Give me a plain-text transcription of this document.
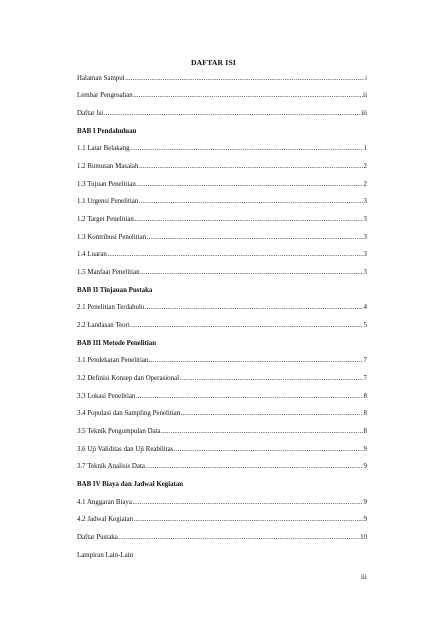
DAFTAR ISI
Halaman Sampul .....	i
Lembar Pengesahan .....	ii
Daftar Isi .....	iii
BAB I Pendahuluan
1.1 Latar Belakang .....	1
1.2 Rumusan Masalah .....	2
1.3 Tujuan Penelitian .....	2
1.1 Urgensi Penelitian .....	3
1.2 Target Penelitian .....	3
1.3 Kontribusi Penelitian .....	3
1.4 Luaran .....	3
1.5 Manfaat Penelitian .....	3
BAB II Tinjauan Pustaka
2.1 Penelitian Terdahulu .....	4
2.2 Landasan Teori .....	5
BAB III Metode Penelitian
3.1 Pendekatan Penelitian .....	7
3.2 Definisi Konsep dan Operasional .....	7
3.3 Lokasi Penelitian .....	8
3.4 Populasi dan Sampling Penelitian .....	8
3.5 Teknik Pengumpulan Data .....	8
3.6 Uji Validitas dan Uji Reabilitas .....	9
3.7 Teknik Analisis Data .....	9
BAB IV Biaya dan Jadwal Kegiatan
4.1 Anggaran Biaya .....	9
4.2 Jadwal Kegiatan .....	9
Daftar Pustaka .....	10
Lampiran Lain-Lain
iii
